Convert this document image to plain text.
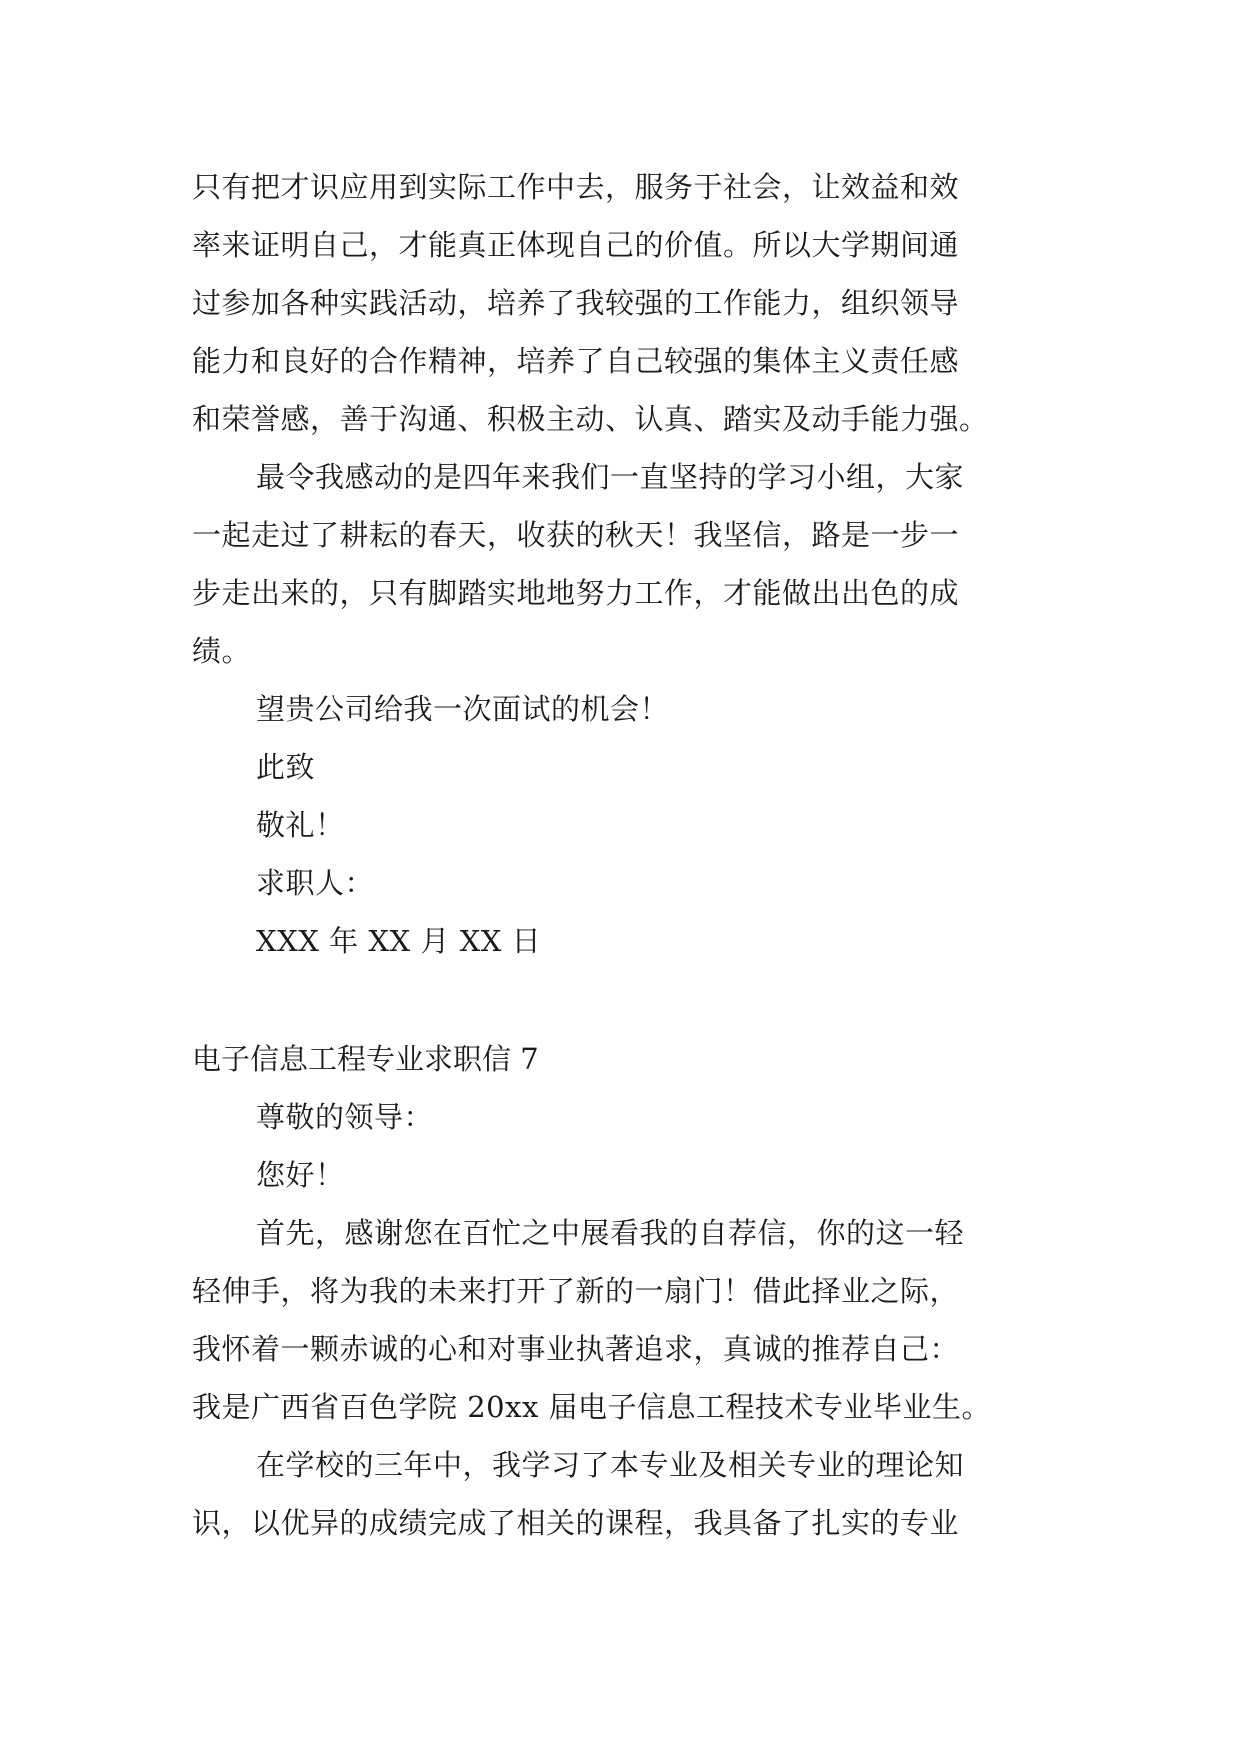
只有把才识应用到实际工作中去，服务于社会，让效益和效
率来证明自己，才能真正体现自己的价值。所以大学期间通
过参加各种实践活动，培养了我较强的工作能力，组织领导
能力和良好的合作精神，培养了自己较强的集体主义责任感
和荣誉感，善于沟通、积极主动、认真、踏实及动手能力强。
最令我感动的是四年来我们一直坚持的学习小组，大家
一起走过了耕耘的春天，收获的秋天！我坚信，路是一步一
步走出来的，只有脚踏实地地努力工作，才能做出出色的成
绩。
望贵公司给我一次面试的机会！
此致
敬礼！
求职人：
XXX 年 XX 月 XX 日
电子信息工程专业求职信 7
尊敬的领导：
您好！
首先，感谢您在百忙之中展看我的自荐信，你的这一轻
轻伸手，将为我的未来打开了新的一扇门！借此择业之际，
我怀着一颗赤诚的心和对事业执著追求，真诚的推荐自己：
我是广西省百色学院 20xx 届电子信息工程技术专业毕业生。
在学校的三年中，我学习了本专业及相关专业的理论知
识，以优异的成绩完成了相关的课程，我具备了扎实的专业
